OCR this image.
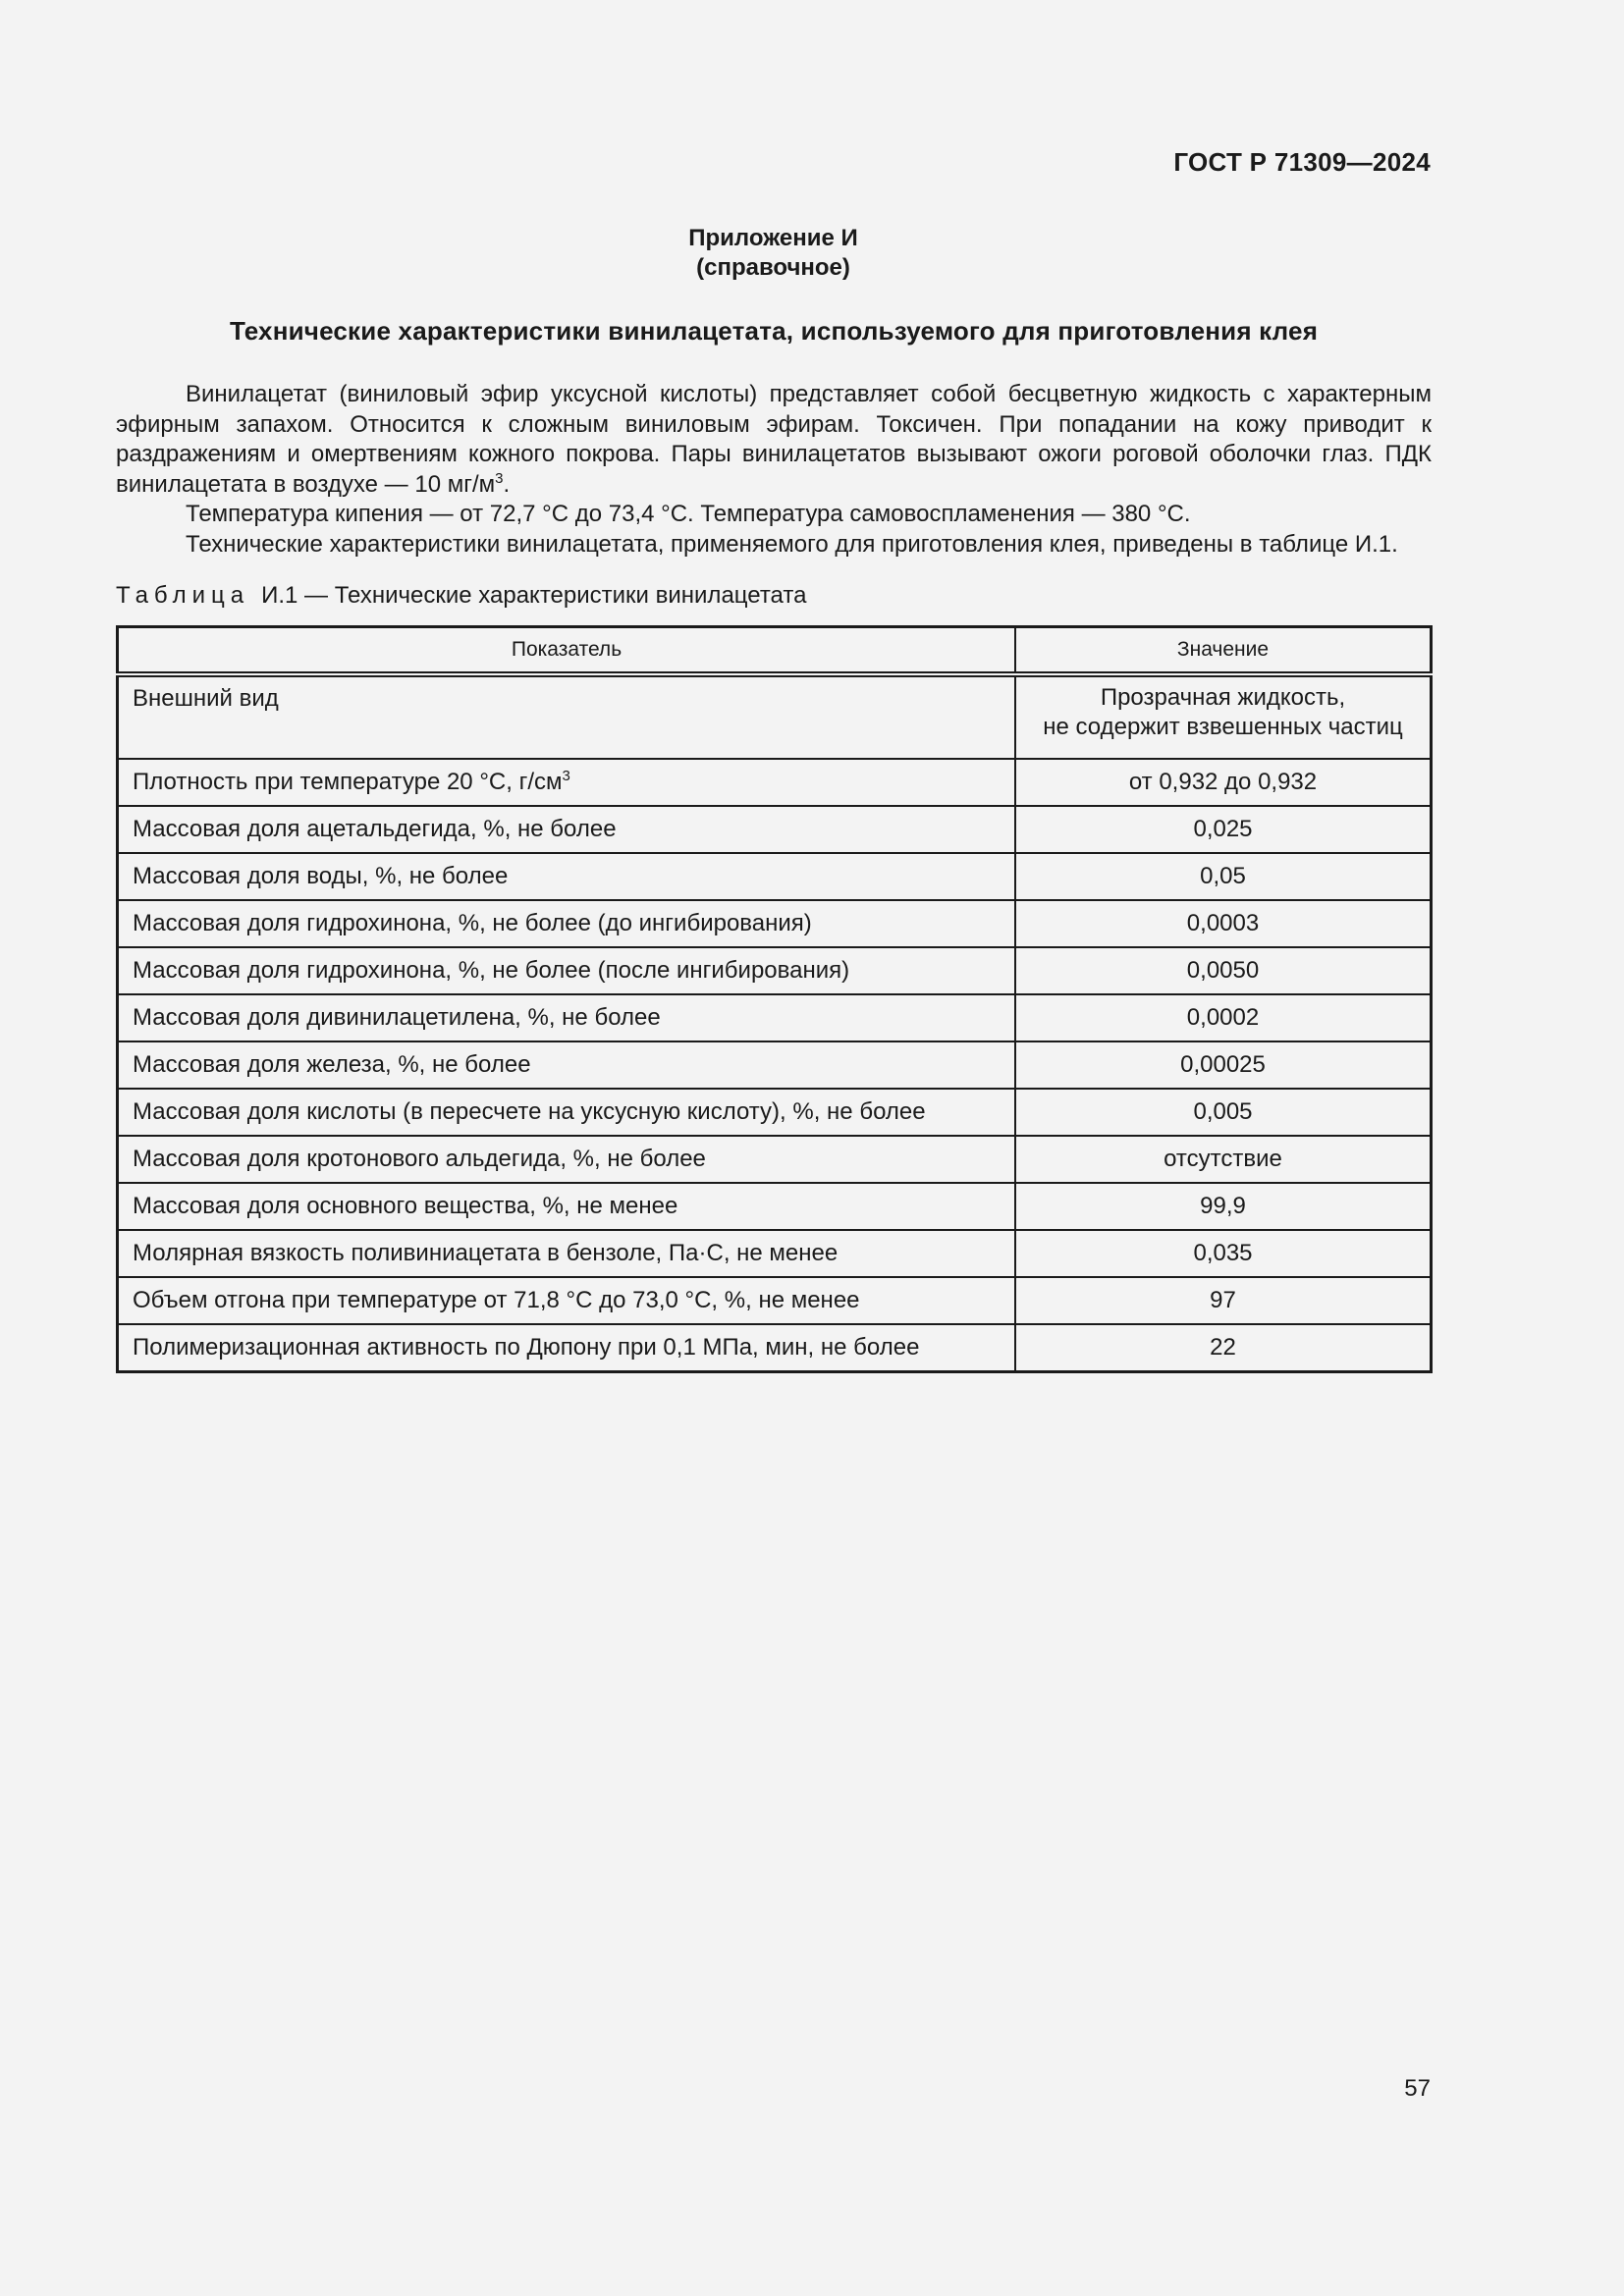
ГОСТ Р 71309—2024
Приложение И
(справочное)
Технические характеристики винилацетата, используемого для приготовления клея

Винилацетат (виниловый эфир уксусной кислоты) представляет собой бесцветную жидкость с характерным эфирным запахом. Относится к сложным виниловым эфирам. Токсичен. При попадании на кожу приводит к раздражениям и омертвениям кожного покрова. Пары винилацетатов вызывают ожоги роговой оболочки глаз. ПДК винилацетата в воздухе — 10 $мг/м^3$.

Температура кипения — от 72,7 °С до 73,4 °С. Температура самовоспламенения — 380 °С.

Технические характеристики винилацетата, применяемого для приготовления клея, приведены в таблице И.1.

Таблица И.1 — Технические характеристики винилацетата
Показатель	Значение
Внешний вид	Прозрачная жидкость,
не содержит взвешенных частиц

Плотность при температуре 20 °С, $г/см^3$	от 0,932 до 0,932
Массовая доля ацетальдегида, %, не более	0,025
Массовая доля воды, %, не более	0,05
Массовая доля гидрохинона, %, не более (до ингибирования)	0,0003
Массовая доля гидрохинона, %, не более (после ингибирования)	0,0050
Массовая доля дивинилацетилена, %, не более	0,0002
Массовая доля железа, %, не более	0,00025
Массовая доля кислоты (в пересчете на уксусную кислоту), %, не более	0,005
Массовая доля кротонового альдегида, %, не более	отсутствие
Массовая доля основного вещества, %, не менее	99,9
Молярная вязкость поливиниацетата в бензоле, Па·С, не менее	0,035
Объем отгона при температуре от 71,8 °С до 73,0 °С, %, не менее	97
Полимеризационная активность по Дюпону при 0,1 МПа, мин, не более	22
57
